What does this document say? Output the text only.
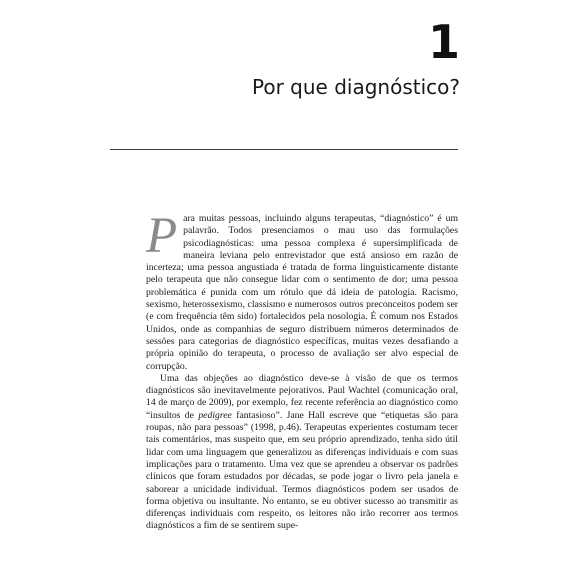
1
Por que diagnóstico?

Para muitas pessoas, incluindo alguns terapeutas, “diagnóstico” é um palavrão. Todos presenciamos o mau uso das formulações psicodiagnósticas: uma pessoa complexa é supersimplificada de maneira leviana pelo entrevistador que está ansioso em razão de incerteza; uma pessoa angustiada é tratada de forma linguisticamente distante pelo terapeuta que não consegue lidar com o sentimento de dor; uma pessoa problemática é punida com um rótulo que dá ideia de patologia. Racismo, sexismo, heterossexismo, classismo e numerosos outros preconceitos podem ser (e com frequência têm sido) fortalecidos pela nosologia. É comum nos Estados Unidos, onde as companhias de seguro distribuem números determinados de sessões para categorias de diagnóstico específicas, muitas vezes desafiando a própria opinião do terapeuta, o processo de avaliação ser alvo especial de corrupção.

Uma das objeções ao diagnóstico deve-se à visão de que os termos diagnósticos são inevitavelmente pejorativos. Paul Wachtel (comunicação oral, 14 de março de 2009), por exemplo, fez recente referência ao diagnóstico como “insultos de pedigree fantasioso”. Jane Hall escreve que “etiquetas são para roupas, não para pessoas” (1998, p.46). Terapeutas experientes costumam tecer tais comentários, mas suspeito que, em seu próprio aprendizado, tenha sido útil lidar com uma linguagem que generalizou as diferenças individuais e com suas implicações para o tratamento. Uma vez que se aprendeu a observar os padrões clínicos que foram estudados por décadas, se pode jogar o livro pela janela e saborear a unicidade individual. Termos diagnósticos podem ser usados de forma objetiva ou insultante. No entanto, se eu obtiver sucesso ao transmitir as diferenças individuais com respeito, os leitores não irão recorrer aos termos diagnósticos a fim de se sentirem supe-
